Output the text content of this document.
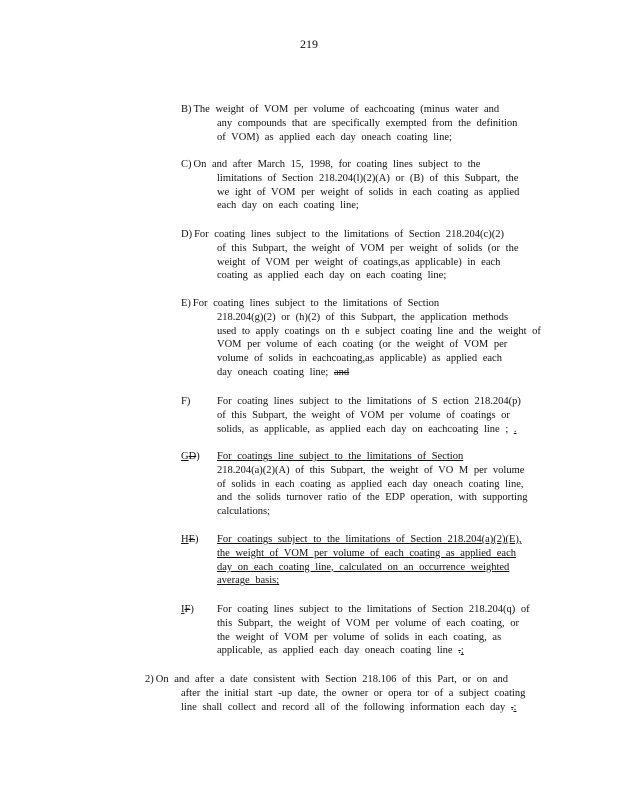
219
B) The weight of VOM per volume of eachcoating (minus water and
any compounds that are specifically exempted from the definition
of VOM) as applied each day oneach coating line;
C) On and after March 15, 1998, for coating lines subject to the
limitations of Section 218.204(l)(2)(A) or (B) of this Subpart, the
we ight of VOM per weight of solids in each coating as applied
each day on each coating line;
D) For coating lines subject to the limitations of Section 218.204(c)(2)
of this Subpart, the weight of VOM per weight of solids (or the
weight of VOM per weight of coatings,as applicable) in each
coating as applied each day on each coating line;
E) For coating lines subject to the limitations of Section
218.204(g)(2) or (h)(2) of this Subpart, the application methods
used to apply coatings on th e subject coating line and the weight of
VOM per volume of each coating (or the weight of VOM per
volume of solids in eachcoating,as applicable) as applied each
day oneach coating line; and
F)	For coating lines subject to the limitations of S ection 218.204(p)
of this Subpart, the weight of VOM per volume of coatings or
solids, as applicable, as applied each day on eachcoating line ; .
GD) For coatings line subject to the limitations of Section
218.204(a)(2)(A) of this Subpart, the weight of VO M per volume
of solids in each coating as applied each day oneach coating line,
and the solids turnover ratio of the EDP operation, with supporting
calculations;
HE) For coatings subject to the limitations of Section 218.204(a)(2)(E),
the weight of VOM per volume of each coating as applied each
day on each coating line, calculated on an occurrence weighted
average basis;
IF) For coating lines subject to the limitations of Section 218.204(q) of
this Subpart, the weight of VOM per volume of each coating, or
the weight of VOM per volume of solids in each coating, as
applicable, as applied each day oneach coating line .;
2) On and after a date consistent with Section 218.106 of this Part, or on and
after the initial start -up date, the owner or opera tor of a subject coating
line shall collect and record all of the following information each day .:
